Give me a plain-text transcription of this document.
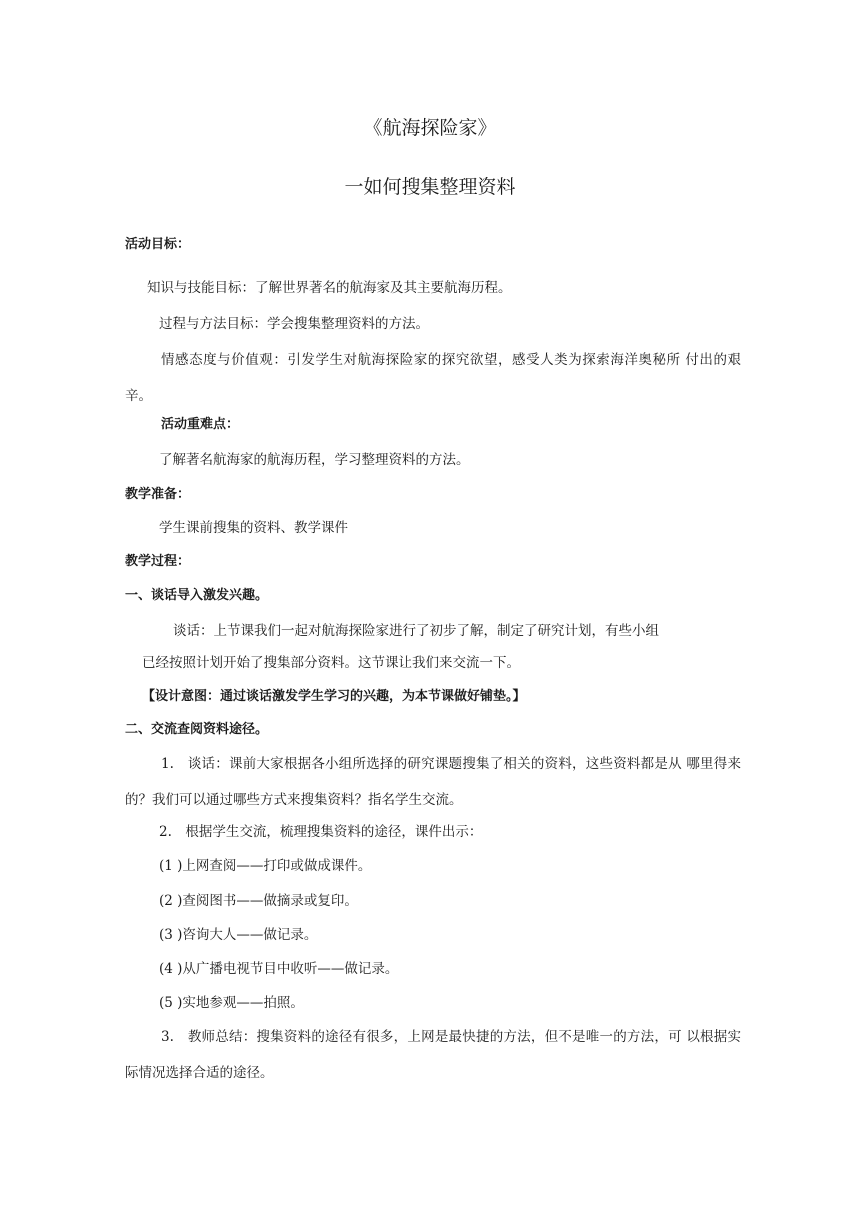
《航海探险家》
一如何搜集整理资料
活动目标：
知识与技能目标：了解世界著名的航海家及其主要航海历程。
过程与方法目标：学会搜集整理资料的方法。
情感态度与价值观：引发学生对航海探险家的探究欲望，感受人类为探索海洋奥秘所 付出的艰辛。
活动重难点：
了解著名航海家的航海历程，学习整理资料的方法。
教学准备：
学生课前搜集的资料、教学课件
教学过程：
一、谈话导入激发兴趣。
谈话：上节课我们一起对航海探险家进行了初步了解，制定了研究计划，有些小组
已经按照计划开始了搜集部分资料。这节课让我们来交流一下。
【设计意图：通过谈话激发学生学习的兴趣，为本节课做好铺垫。】
二、交流查阅资料途径。
1.　谈话：课前大家根据各小组所选择的研究课题搜集了相关的资料，这些资料都是从 哪里得来的？我们可以通过哪些方式来搜集资料？指名学生交流。
2.　根据学生交流，梳理搜集资料的途径，课件出示：
(1 )上网查阅——打印或做成课件。
(2 )查阅图书——做摘录或复印。
(3 )咨询大人——做记录。
(4 )从广播电视节目中收听——做记录。
(5 )实地参观——拍照。
3.　教师总结：搜集资料的途径有很多，上网是最快捷的方法，但不是唯一的方法，可 以根据实际情况选择合适的途径。
